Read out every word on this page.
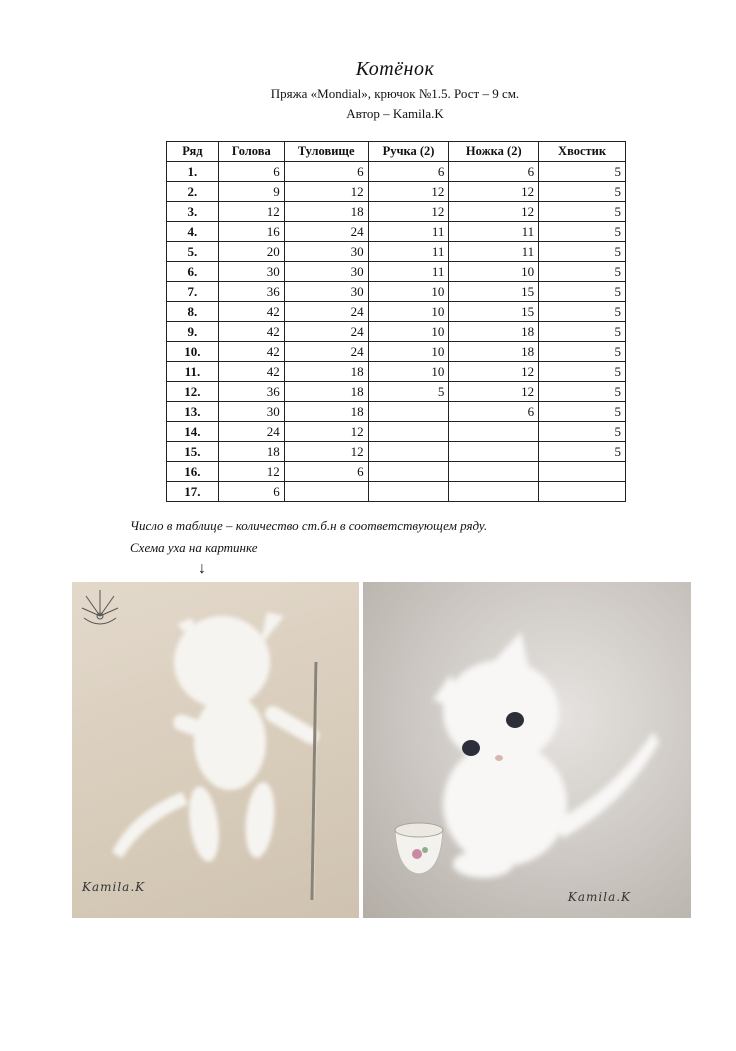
Котёнок
Пряжа «Mondial», крючок №1.5. Рост – 9 см.
Автор – Kamila.K
Ряд	Голова	Туловище	Ручка (2)	Ножка (2)	Хвостик
1.	6	6	6	6	5
2.	9	12	12	12	5
3.	12	18	12	12	5
4.	16	24	11	11	5
5.	20	30	11	11	5
6.	30	30	11	10	5
7.	36	30	10	15	5
8.	42	24	10	15	5
9.	42	24	10	18	5
10.	42	24	10	18	5
11.	42	18	10	12	5
12.	36	18	5	12	5
13.	30	18		6	5
14.	24	12			5
15.	18	12			5
16.	12	6			
17.	6				
Число в таблице – количество ст.б.н в соответствующем ряду.
Схема уха на картинке
↓
Kamila.K
Kamila.K
